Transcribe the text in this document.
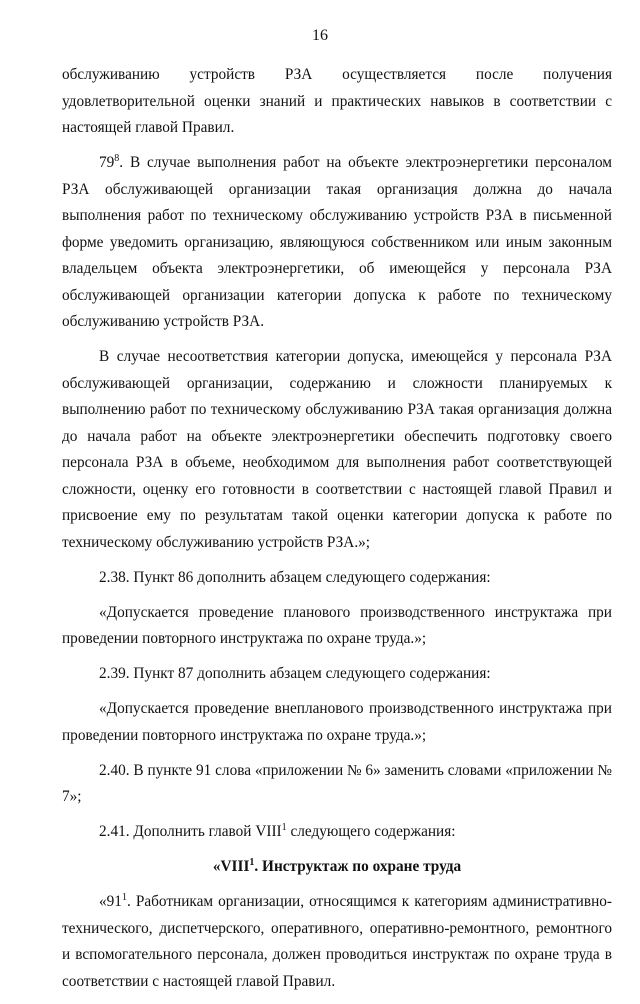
16

обслуживанию устройств РЗА осуществляется после получения удовлетворительной оценки знаний и практических навыков в соответствии с настоящей главой Правил.

$79^8$. В случае выполнения работ на объекте электроэнергетики персоналом РЗА обслуживающей организации такая организация должна до начала выполнения работ по техническому обслуживанию устройств РЗА в письменной форме уведомить организацию, являющуюся собственником или иным законным владельцем объекта электроэнергетики, об имеющейся у персонала РЗА обслуживающей организации категории допуска к работе по техническому обслуживанию устройств РЗА.

В случае несоответствия категории допуска, имеющейся у персонала РЗА обслуживающей организации, содержанию и сложности планируемых к выполнению работ по техническому обслуживанию РЗА такая организация должна до начала работ на объекте электроэнергетики обеспечить подготовку своего персонала РЗА в объеме, необходимом для выполнения работ соответствующей сложности, оценку его готовности в соответствии с настоящей главой Правил и присвоение ему по результатам такой оценки категории допуска к работе по техническому обслуживанию устройств РЗА.»;

2.38. Пункт 86 дополнить абзацем следующего содержания:

«Допускается проведение планового производственного инструктажа при проведении повторного инструктажа по охране труда.»;

2.39. Пункт 87 дополнить абзацем следующего содержания:

«Допускается проведение внепланового производственного инструктажа при проведении повторного инструктажа по охране труда.»;

2.40. В пункте 91 слова «приложении № 6» заменить словами «приложении № 7»;

2.41. Дополнить главой VIII$^1$ следующего содержания:

«VIII$^1$. Инструктаж по охране труда

«$91^1$. Работникам организации, относящимся к категориям административно-технического, диспетчерского, оперативного, оперативно-ремонтного, ремонтного и вспомогательного персонала, должен проводиться инструктаж по охране труда в соответствии с настоящей главой Правил.
